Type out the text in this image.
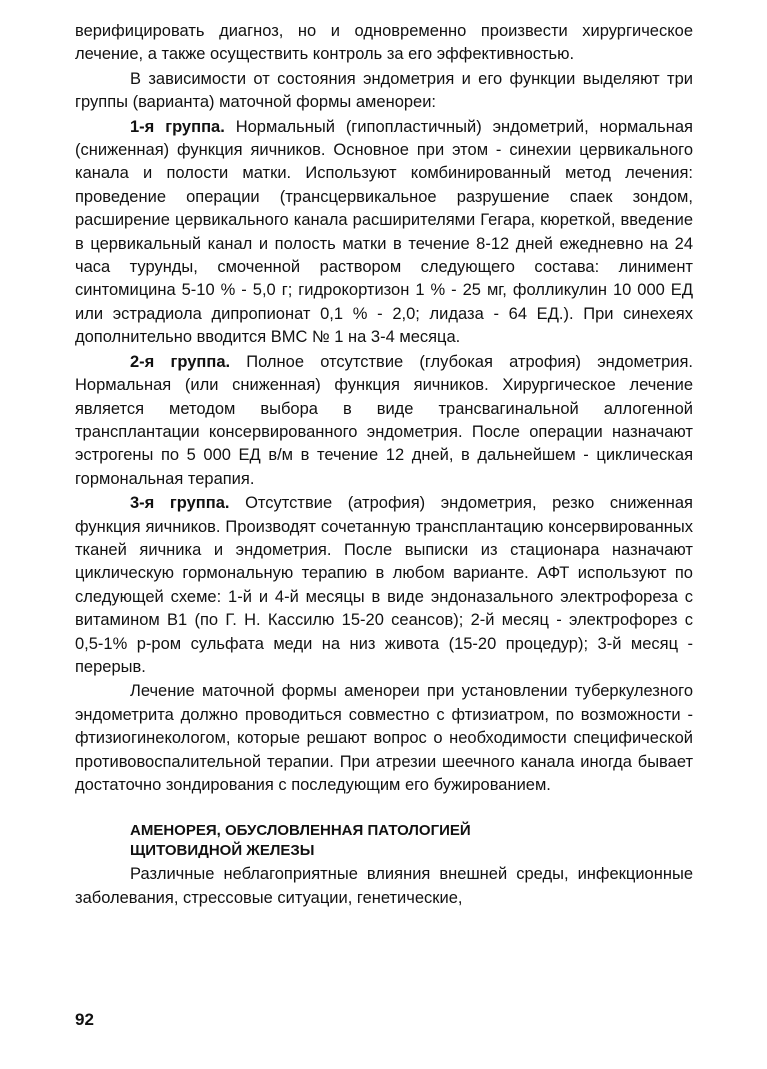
верифицировать диагноз, но и одновременно произвести хирургическое лечение, а также осуществить контроль за его эффективностью.

В зависимости от состояния эндометрия и его функции выделяют три группы (варианта) маточной формы аменореи:

1-я группа. Нормальный (гипопластичный) эндометрий, нормальная (сниженная) функция яичников. Основное при этом - синехии цервикального канала и полости матки. Используют комбинированный метод лечения: проведение операции (трансцервикальное разрушение спаек зондом, расширение цервикального канала расширителями Гегара, кюреткой, введение в цервикальный канал и полость матки в течение 8-12 дней ежедневно на 24 часа турунды, смоченной раствором следующего состава: линимент синтомицина 5-10 % - 5,0 г; гидрокортизон 1 % - 25 мг, фолликулин 10 000 ЕД или эстрадиола дипропионат 0,1 % - 2,0; лидаза - 64 ЕД.). При синехеях дополнительно вводится ВМС № 1 на 3-4 месяца.

2-я группа. Полное отсутствие (глубокая атрофия) эндометрия. Нормальная (или сниженная) функция яичников. Хирургическое лечение является методом выбора в виде трансвагинальной аллогенной трансплантации консервированного эндометрия. После операции назначают эстрогены по 5 000 ЕД в/м в течение 12 дней, в дальнейшем - циклическая гормональная терапия.

3-я группа. Отсутствие (атрофия) эндометрия, резко сниженная функция яичников. Производят сочетанную трансплантацию консервированных тканей яичника и эндометрия. После выписки из стационара назначают циклическую гормональную терапию в любом варианте. АФТ используют по следующей схеме: 1-й и 4-й месяцы в виде эндоназального электрофореза с витамином В1 (по Г. Н. Кассилю 15-20 сеансов); 2-й месяц - электрофорез с 0,5-1% р-ром сульфата меди на низ живота (15-20 процедур); 3-й месяц - перерыв.

Лечение маточной формы аменореи при установлении туберкулезного эндометрита должно проводиться совместно с фтизиатром, по возможности - фтизиогинекологом, которые решают вопрос о необходимости специфической противовоспалительной терапии. При атрезии шеечного канала иногда бывает достаточно зондирования с последующим его бужированием.

АМЕНОРЕЯ, ОБУСЛОВЛЕННАЯ ПАТОЛОГИЕЙ
ЩИТОВИДНОЙ ЖЕЛЕЗЫ

Различные неблагоприятные влияния внешней среды, инфекционные заболевания, стрессовые ситуации, генетические,

92
